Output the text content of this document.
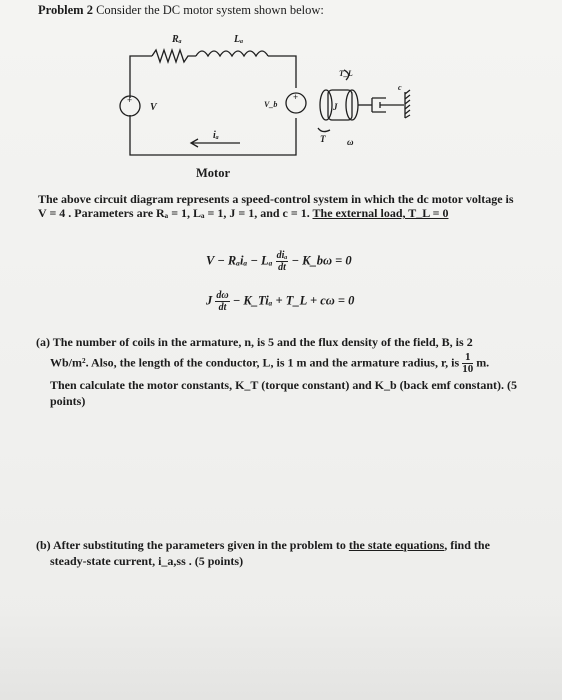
Problem 2 Consider the DC motor system shown below:
Rₐ	Lₐ
+
V	V_b
+
iₐ
T_L
c
J
T ω
Motor
The above circuit diagram represents a speed-control system in which the dc motor voltage is
V = 4 . Parameters are Rₐ = 1, Lₐ = 1, J = 1, and c = 1. The external load, T_L = 0
V − Rₐiₐ − Lₐ $\frac{\text{diₐ}}{dt}$ − K_bω = 0
J $\frac{d\omega}{dt}$ − K_Tiₐ + T_L + cω = 0
(a) The number of coils in the armature, n, is 5 and the flux density of the field, B, is 2
Wb/m². Also, the length of the conductor, L, is 1 m and the armature radius, r, is $\frac{1}{10} m$.
Then calculate the motor constants, K_T (torque constant) and K_b (back emf constant). (5
points)
(b) After substituting the parameters given in the problem to the state equations, find the
steady-state current, i_a,ss . (5 points)
